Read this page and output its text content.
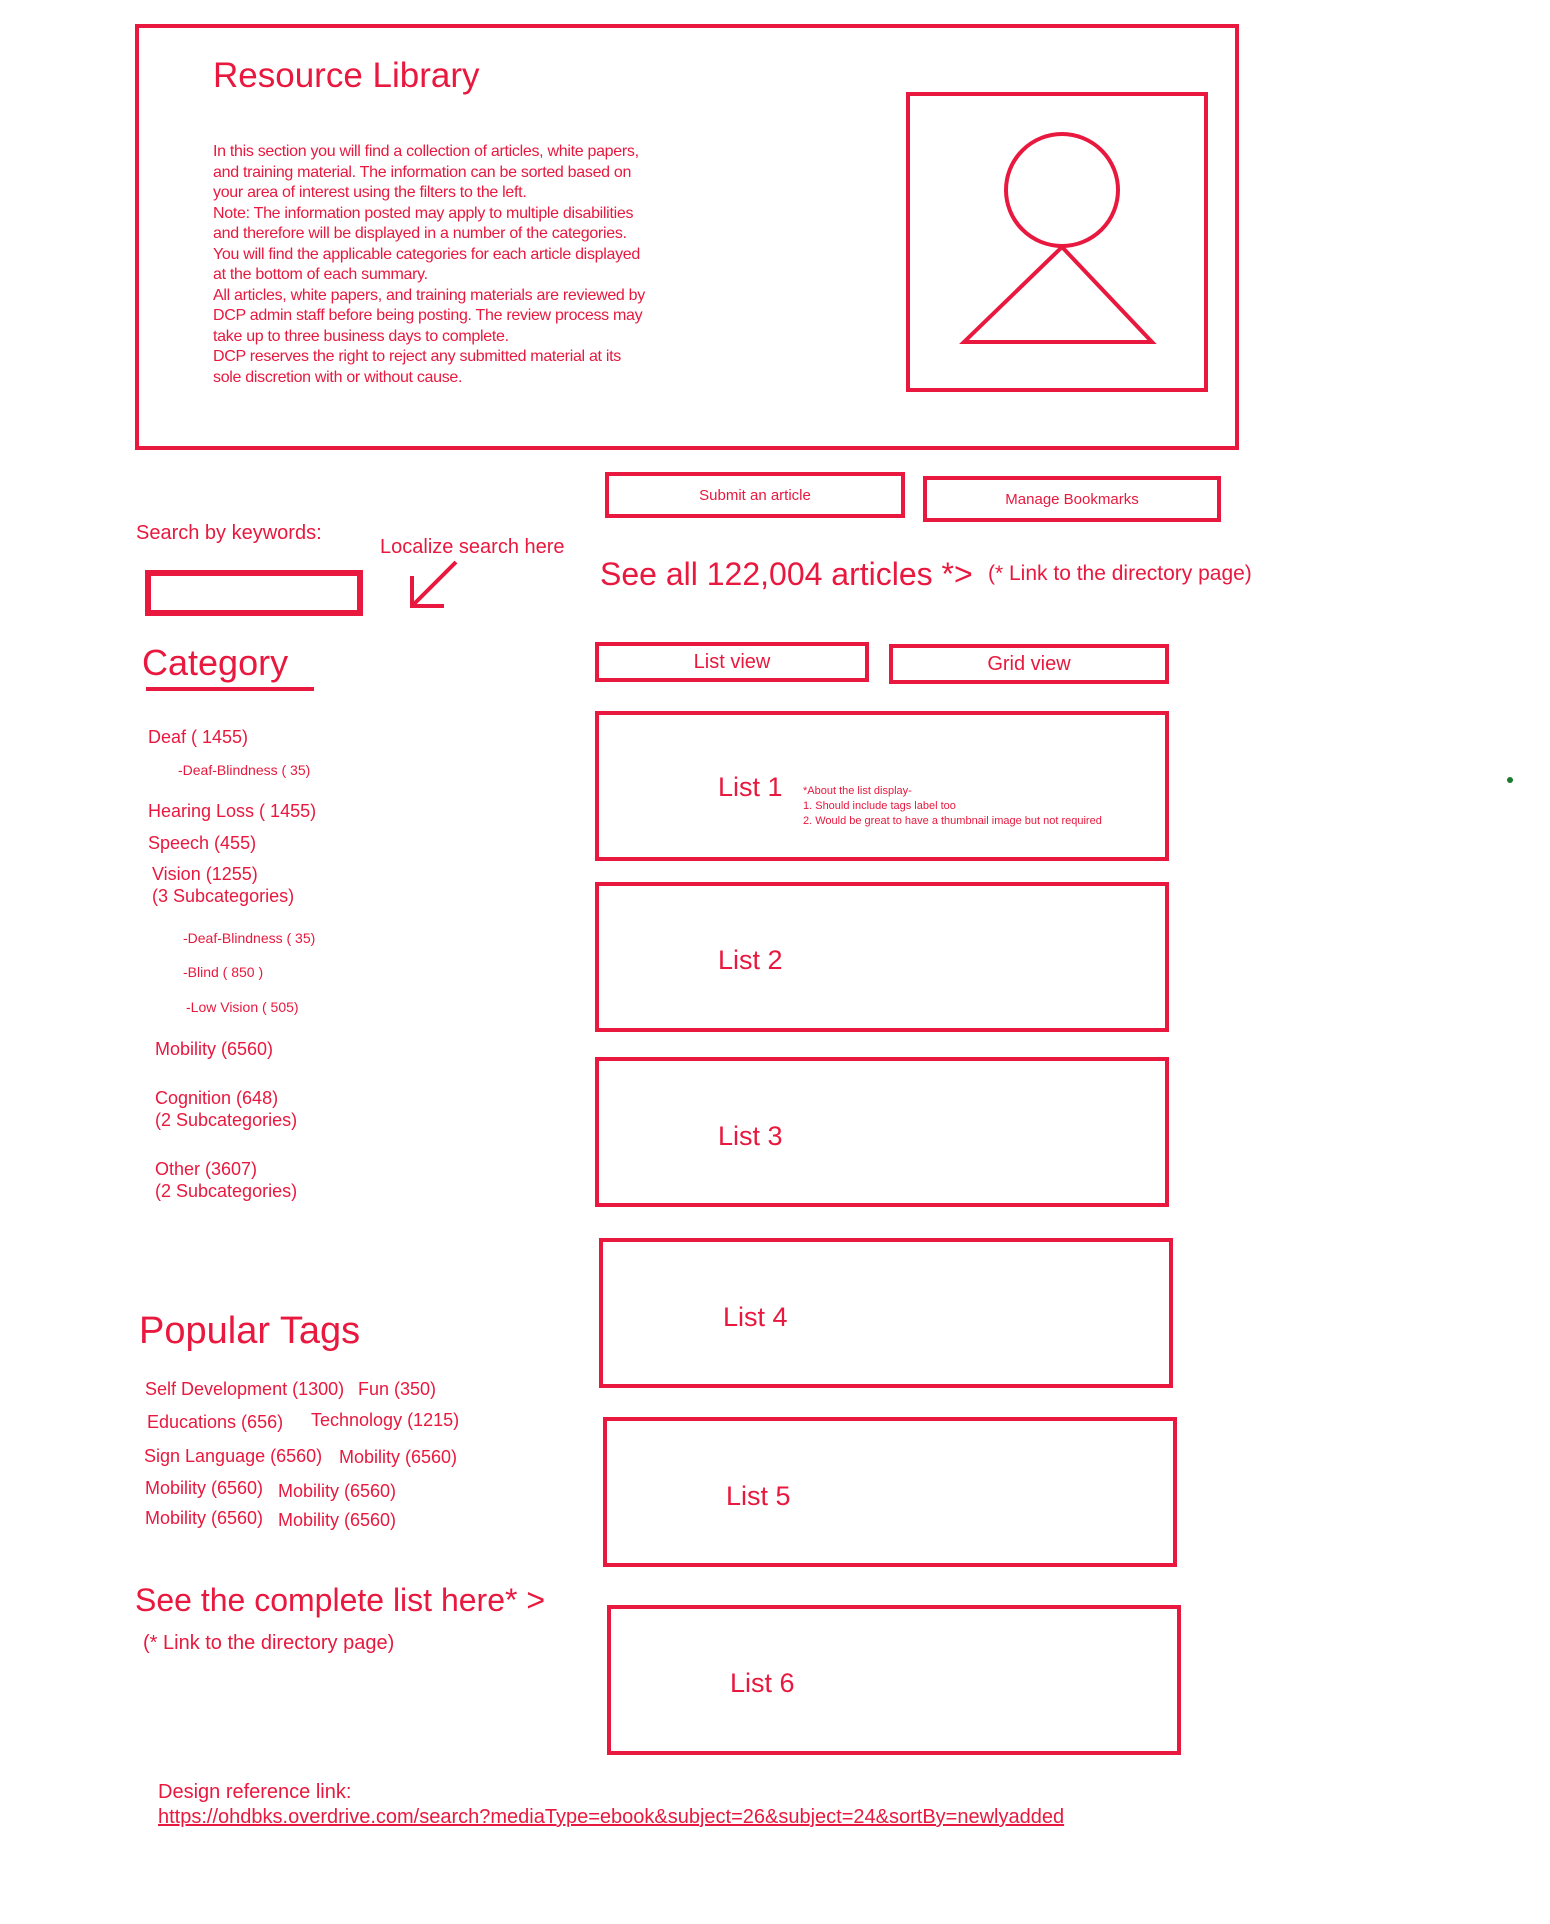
Resource Library

In this section you will find a collection of articles, white papers,

and training material. The information can be sorted based on

your area of interest using the filters to the left.

Note: The information posted may apply to multiple disabilities

and therefore will be displayed in a number of the categories.

You will find the applicable categories for each article displayed

at the bottom of each summary.

All articles, white papers, and training materials are reviewed by

DCP admin staff before being posting. The review process may

take up to three business days to complete.

DCP reserves the right to reject any submitted material at its

sole discretion with or without cause.

Submit an article	Manage Bookmarks
Search by keywords:
Localize search here
See all 122,004 articles *> (* Link to the directory page)
List view	Grid view
Category
Deaf ( 1455)
-Deaf-Blindness ( 35)
Hearing Loss ( 1455)
Speech (455)
Vision (1255)
(3 Subcategories)
-Deaf-Blindness ( 35)
-Blind ( 850 )
-Low Vision ( 505)
Mobility (6560)
Cognition (648)
(2 Subcategories)
Other (3607)
(2 Subcategories)
List 1 *About the list display-
1. Should include tags label too
2. Would be great to have a thumbnail image but not required
List 2
List 3
List 4
List 5
List 6
Popular Tags
Self Development (1300) Fun (350)
Educations (656) Technology (1215)
Sign Language (6560) Mobility (6560)
Mobility (6560) Mobility (6560)
Mobility (6560) Mobility (6560)
See the complete list here* >
(* Link to the directory page)
Design reference link:
https://ohdbks.overdrive.com/search?mediaType=ebook&subject=26&subject=24&sortBy=newlyadded
